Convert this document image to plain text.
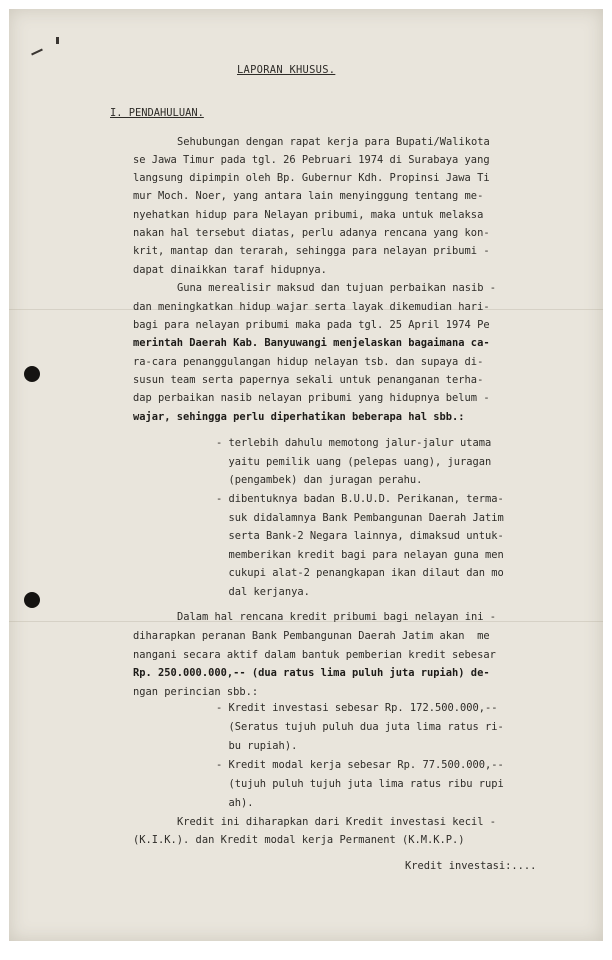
LAPORAN KHUSUS.

I. PENDAHULUAN.

Sehubungan dengan rapat kerja para Bupati/Walikota

se Jawa Timur pada tgl. 26 Pebruari 1974 di Surabaya yang

langsung dipimpin oleh Bp. Gubernur Kdh. Propinsi Jawa Ti

mur Moch. Noer, yang antara lain menyinggung tentang me-

nyehatkan hidup para Nelayan pribumi, maka untuk melaksa

nakan hal tersebut diatas, perlu adanya rencana yang kon-

krit, mantap dan terarah, sehingga para nelayan pribumi -

dapat dinaikkan taraf hidupnya.

Guna merealisir maksud dan tujuan perbaikan nasib -

dan meningkatkan hidup wajar serta layak dikemudian hari-

bagi para nelayan pribumi maka pada tgl. 25 April 1974 Pe

merintah Daerah Kab. Banyuwangi menjelaskan bagaimana ca-

ra-cara penanggulangan hidup nelayan tsb. dan supaya di-

susun team serta papernya sekali untuk penanganan terha-

dap perbaikan nasib nelayan pribumi yang hidupnya belum -

wajar, sehingga perlu diperhatikan beberapa hal sbb.:

- terlebih dahulu memotong jalur-jalur utama

yaitu pemilik uang (pelepas uang), juragan

(pengambek) dan juragan perahu.

- dibentuknya badan B.U.U.D. Perikanan, terma-

suk didalamnya Bank Pembangunan Daerah Jatim

serta Bank-2 Negara lainnya, dimaksud untuk-

memberikan kredit bagi para nelayan guna men

cukupi alat-2 penangkapan ikan dilaut dan mo

dal kerjanya.

Dalam hal rencana kredit pribumi bagi nelayan ini -

diharapkan peranan Bank Pembangunan Daerah Jatim akan  me

nangani secara aktif dalam bantuk pemberian kredit sebesar

Rp. 250.000.000,-- (dua ratus lima puluh juta rupiah) de-

ngan perincian sbb.:

- Kredit investasi sebesar Rp. 172.500.000,--

(Seratus tujuh puluh dua juta lima ratus ri-

bu rupiah).

- Kredit modal kerja sebesar Rp. 77.500.000,--

(tujuh puluh tujuh juta lima ratus ribu rupi

ah).

Kredit ini diharapkan dari Kredit investasi kecil -

(K.I.K.). dan Kredit modal kerja Permanent (K.M.K.P.)

Kredit investasi:....
